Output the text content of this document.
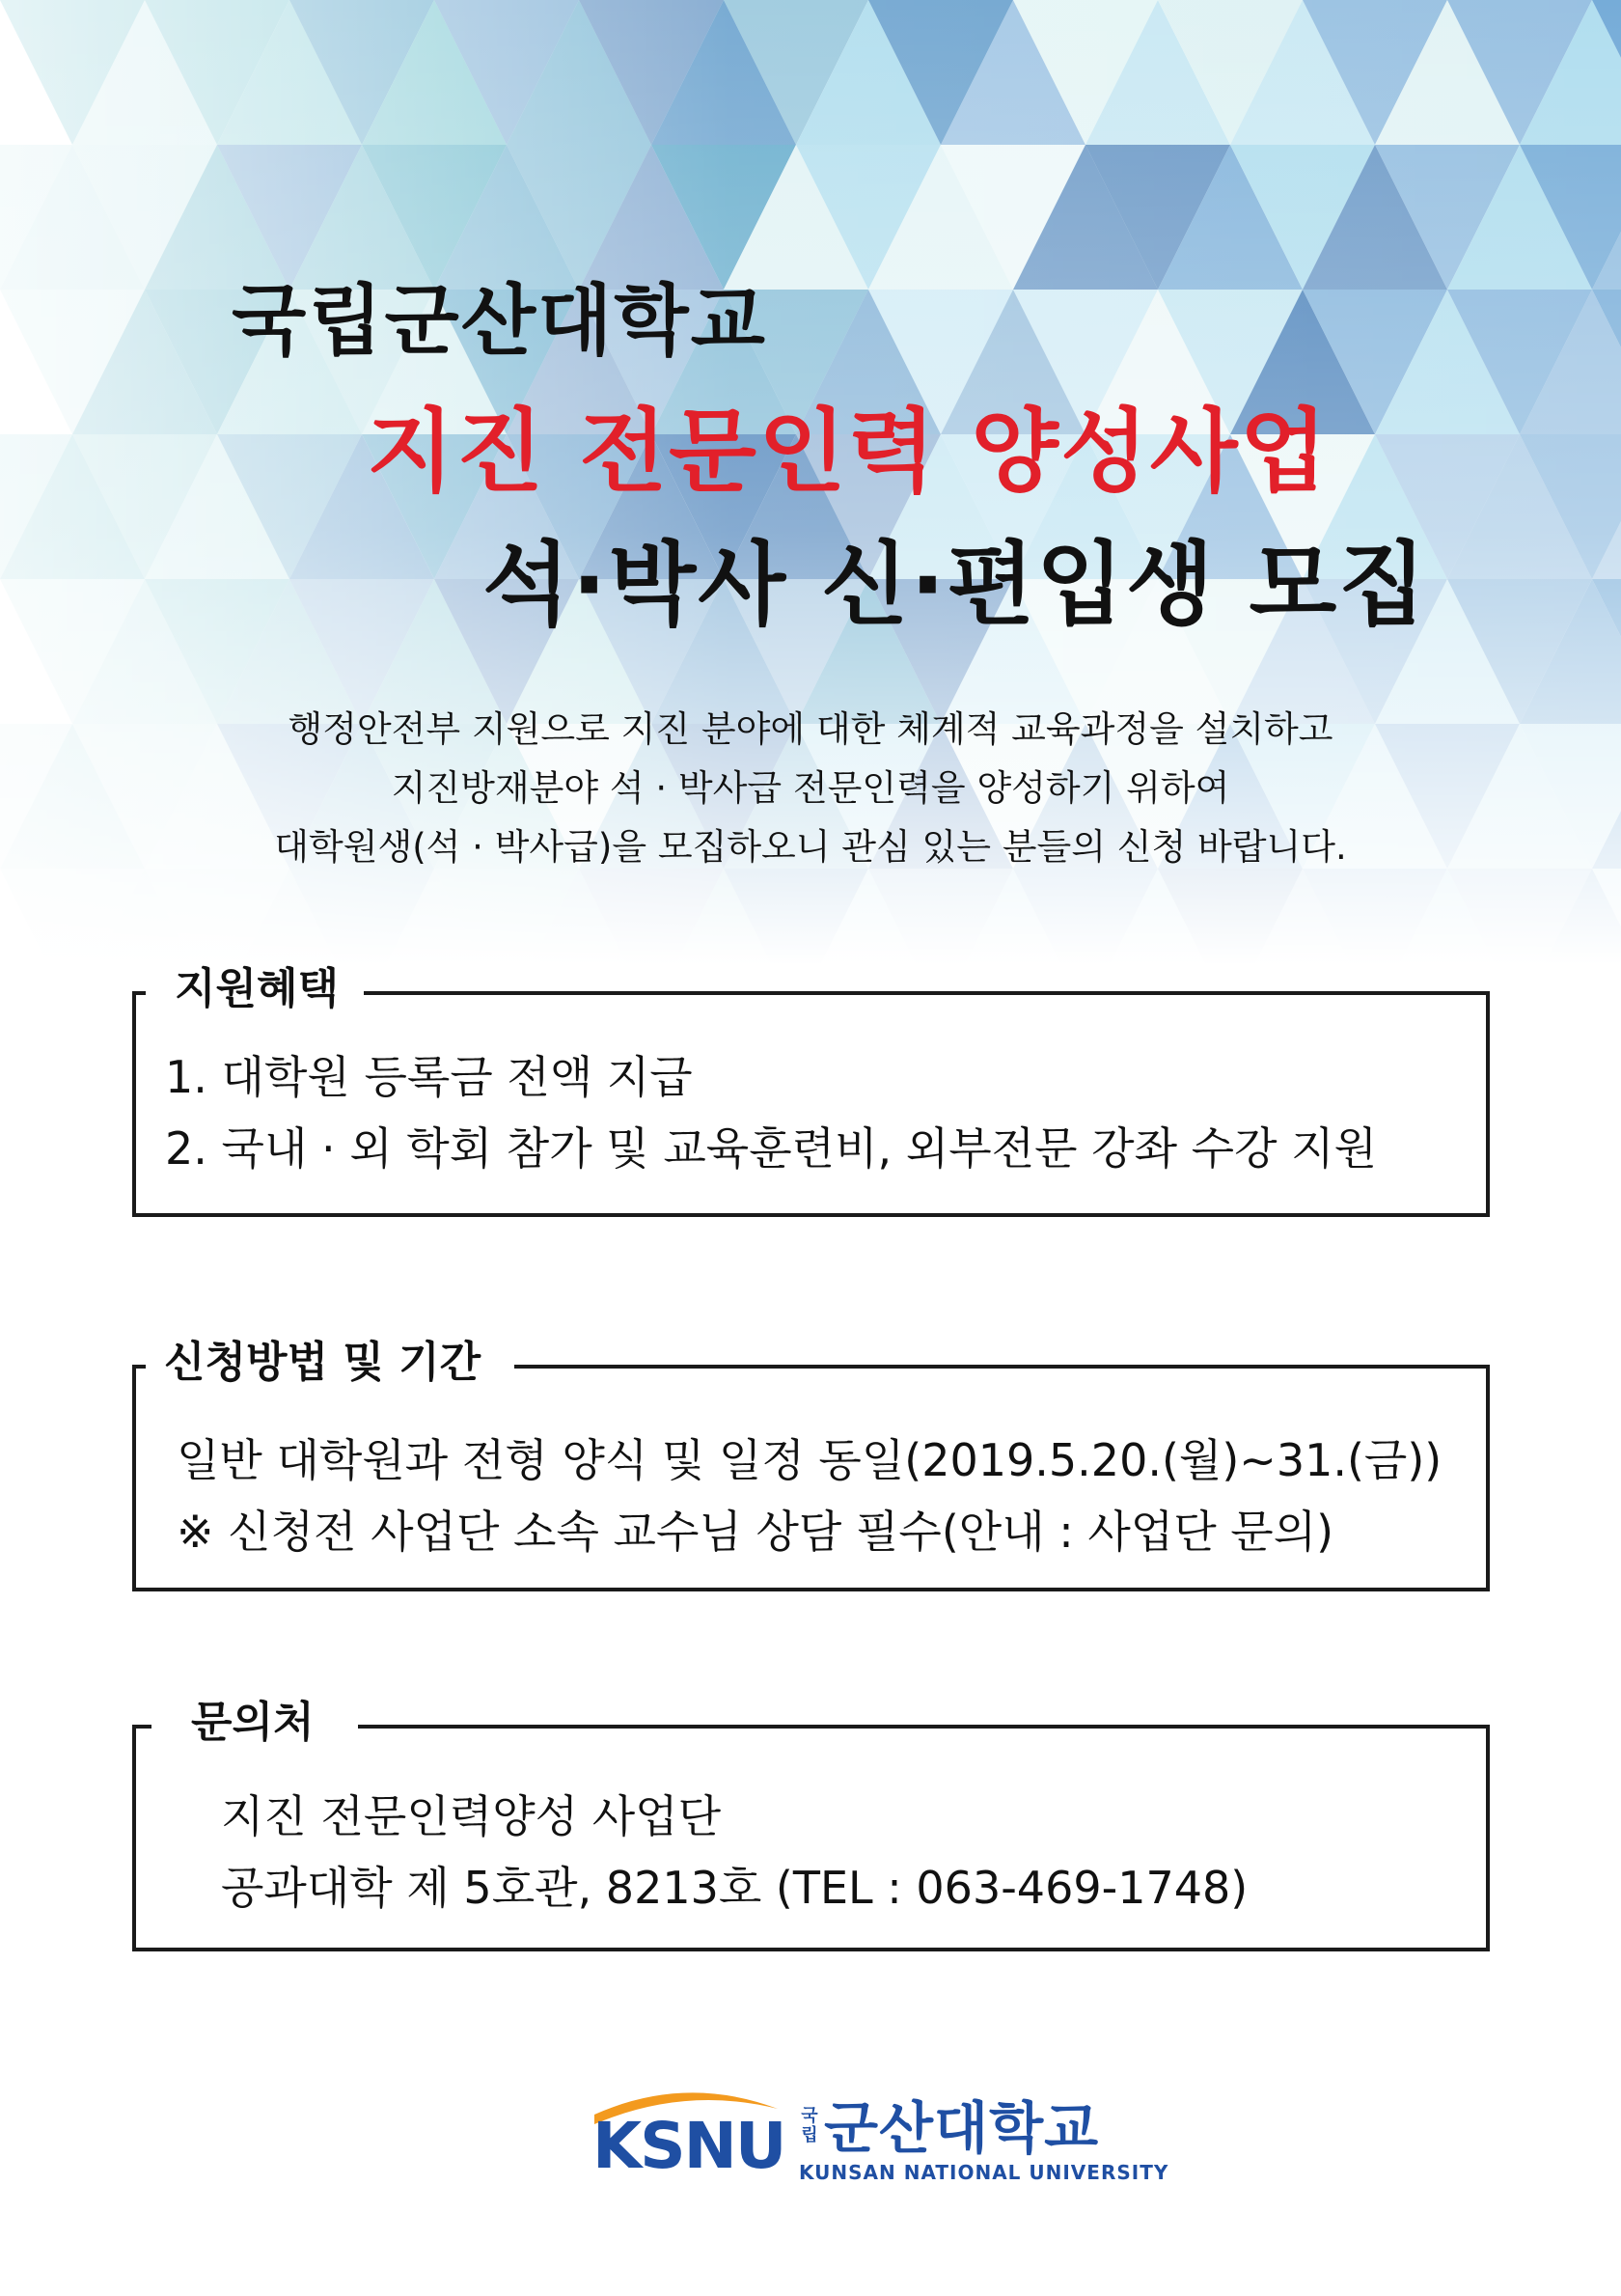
국립군산대학교
지진 전문인력 양성사업
석·박사 신·편입생 모집

행정안전부 지원으로 지진 분야에 대한 체계적 교육과정을 설치하고

지진방재분야 석 · 박사급 전문인력을 양성하기 위하여

대학원생(석 · 박사급)을 모집하오니 관심 있는 분들의 신청 바랍니다.

지원혜택

1. 대학원 등록금 전액 지급

2. 국내 · 외 학회 참가 및 교육훈련비, 외부전문 강좌 수강 지원

신청방법 및 기간

일반 대학원과 전형 양식 및 일정 동일(2019.5.20.(월)~31.(금))

※ 신청전 사업단 소속 교수님 상담 필수(안내 : 사업단 문의)

문의처

지진 전문인력양성 사업단

공과대학 제 5호관, 8213호 (TEL : 063-469-1748)

KSNU 국립 군산대학교
KUNSAN NATIONAL UNIVERSITY
